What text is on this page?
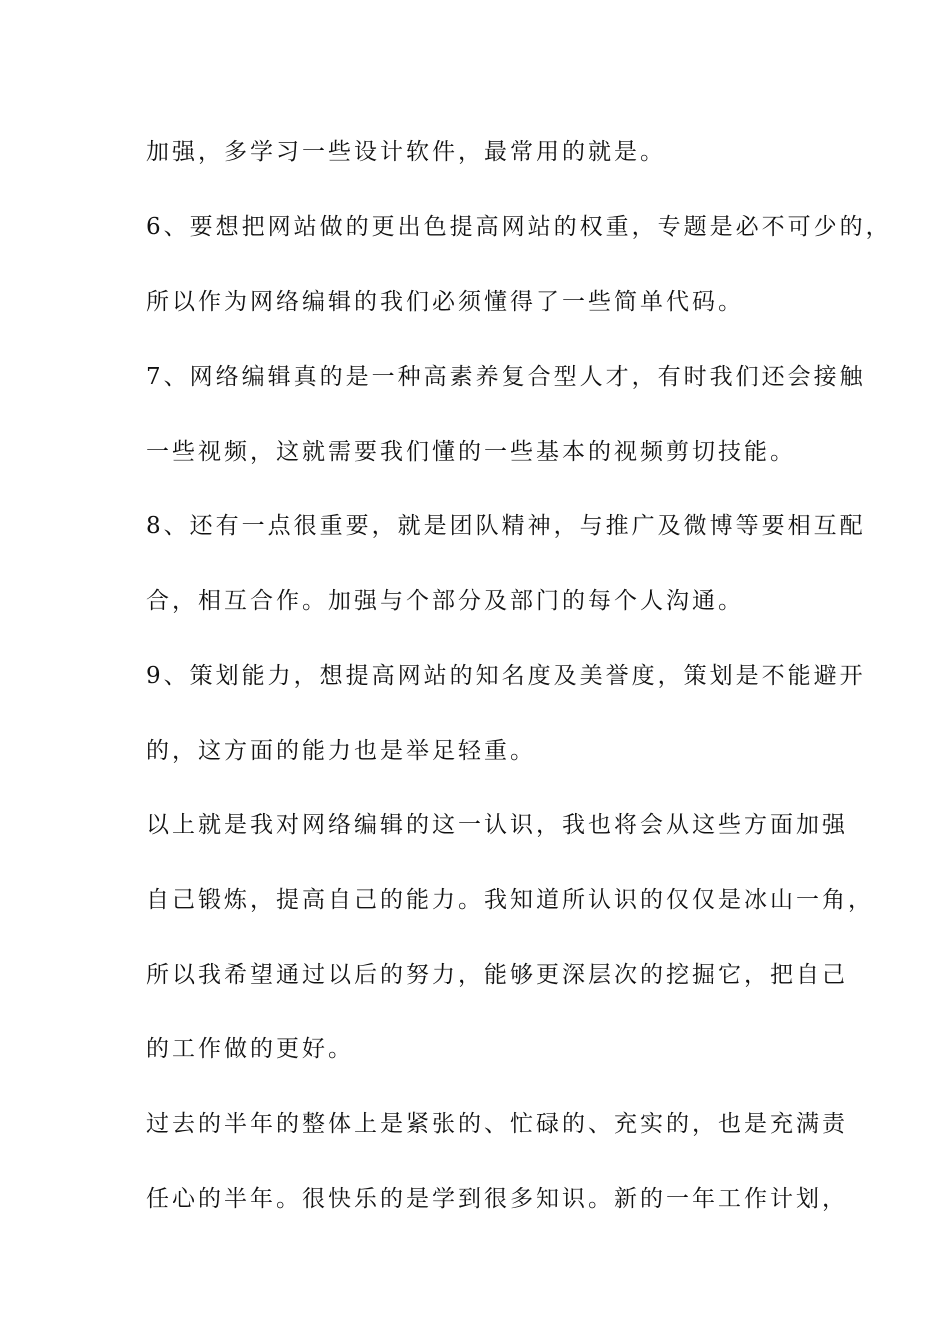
加强，多学习一些设计软件，最常用的就是。
6、要想把网站做的更出色提高网站的权重，专题是必不可少的，
所以作为网络编辑的我们必须懂得了一些简单代码。
7、网络编辑真的是一种高素养复合型人才，有时我们还会接触
一些视频，这就需要我们懂的一些基本的视频剪切技能。
8、还有一点很重要，就是团队精神，与推广及微博等要相互配
合，相互合作。加强与个部分及部门的每个人沟通。
9、策划能力，想提高网站的知名度及美誉度，策划是不能避开
的，这方面的能力也是举足轻重。
以上就是我对网络编辑的这一认识，我也将会从这些方面加强
自己锻炼，提高自己的能力。我知道所认识的仅仅是冰山一角，
所以我希望通过以后的努力，能够更深层次的挖掘它，把自己
的工作做的更好。
过去的半年的整体上是紧张的、忙碌的、充实的，也是充满责
任心的半年。很快乐的是学到很多知识。新的一年工作计划，
